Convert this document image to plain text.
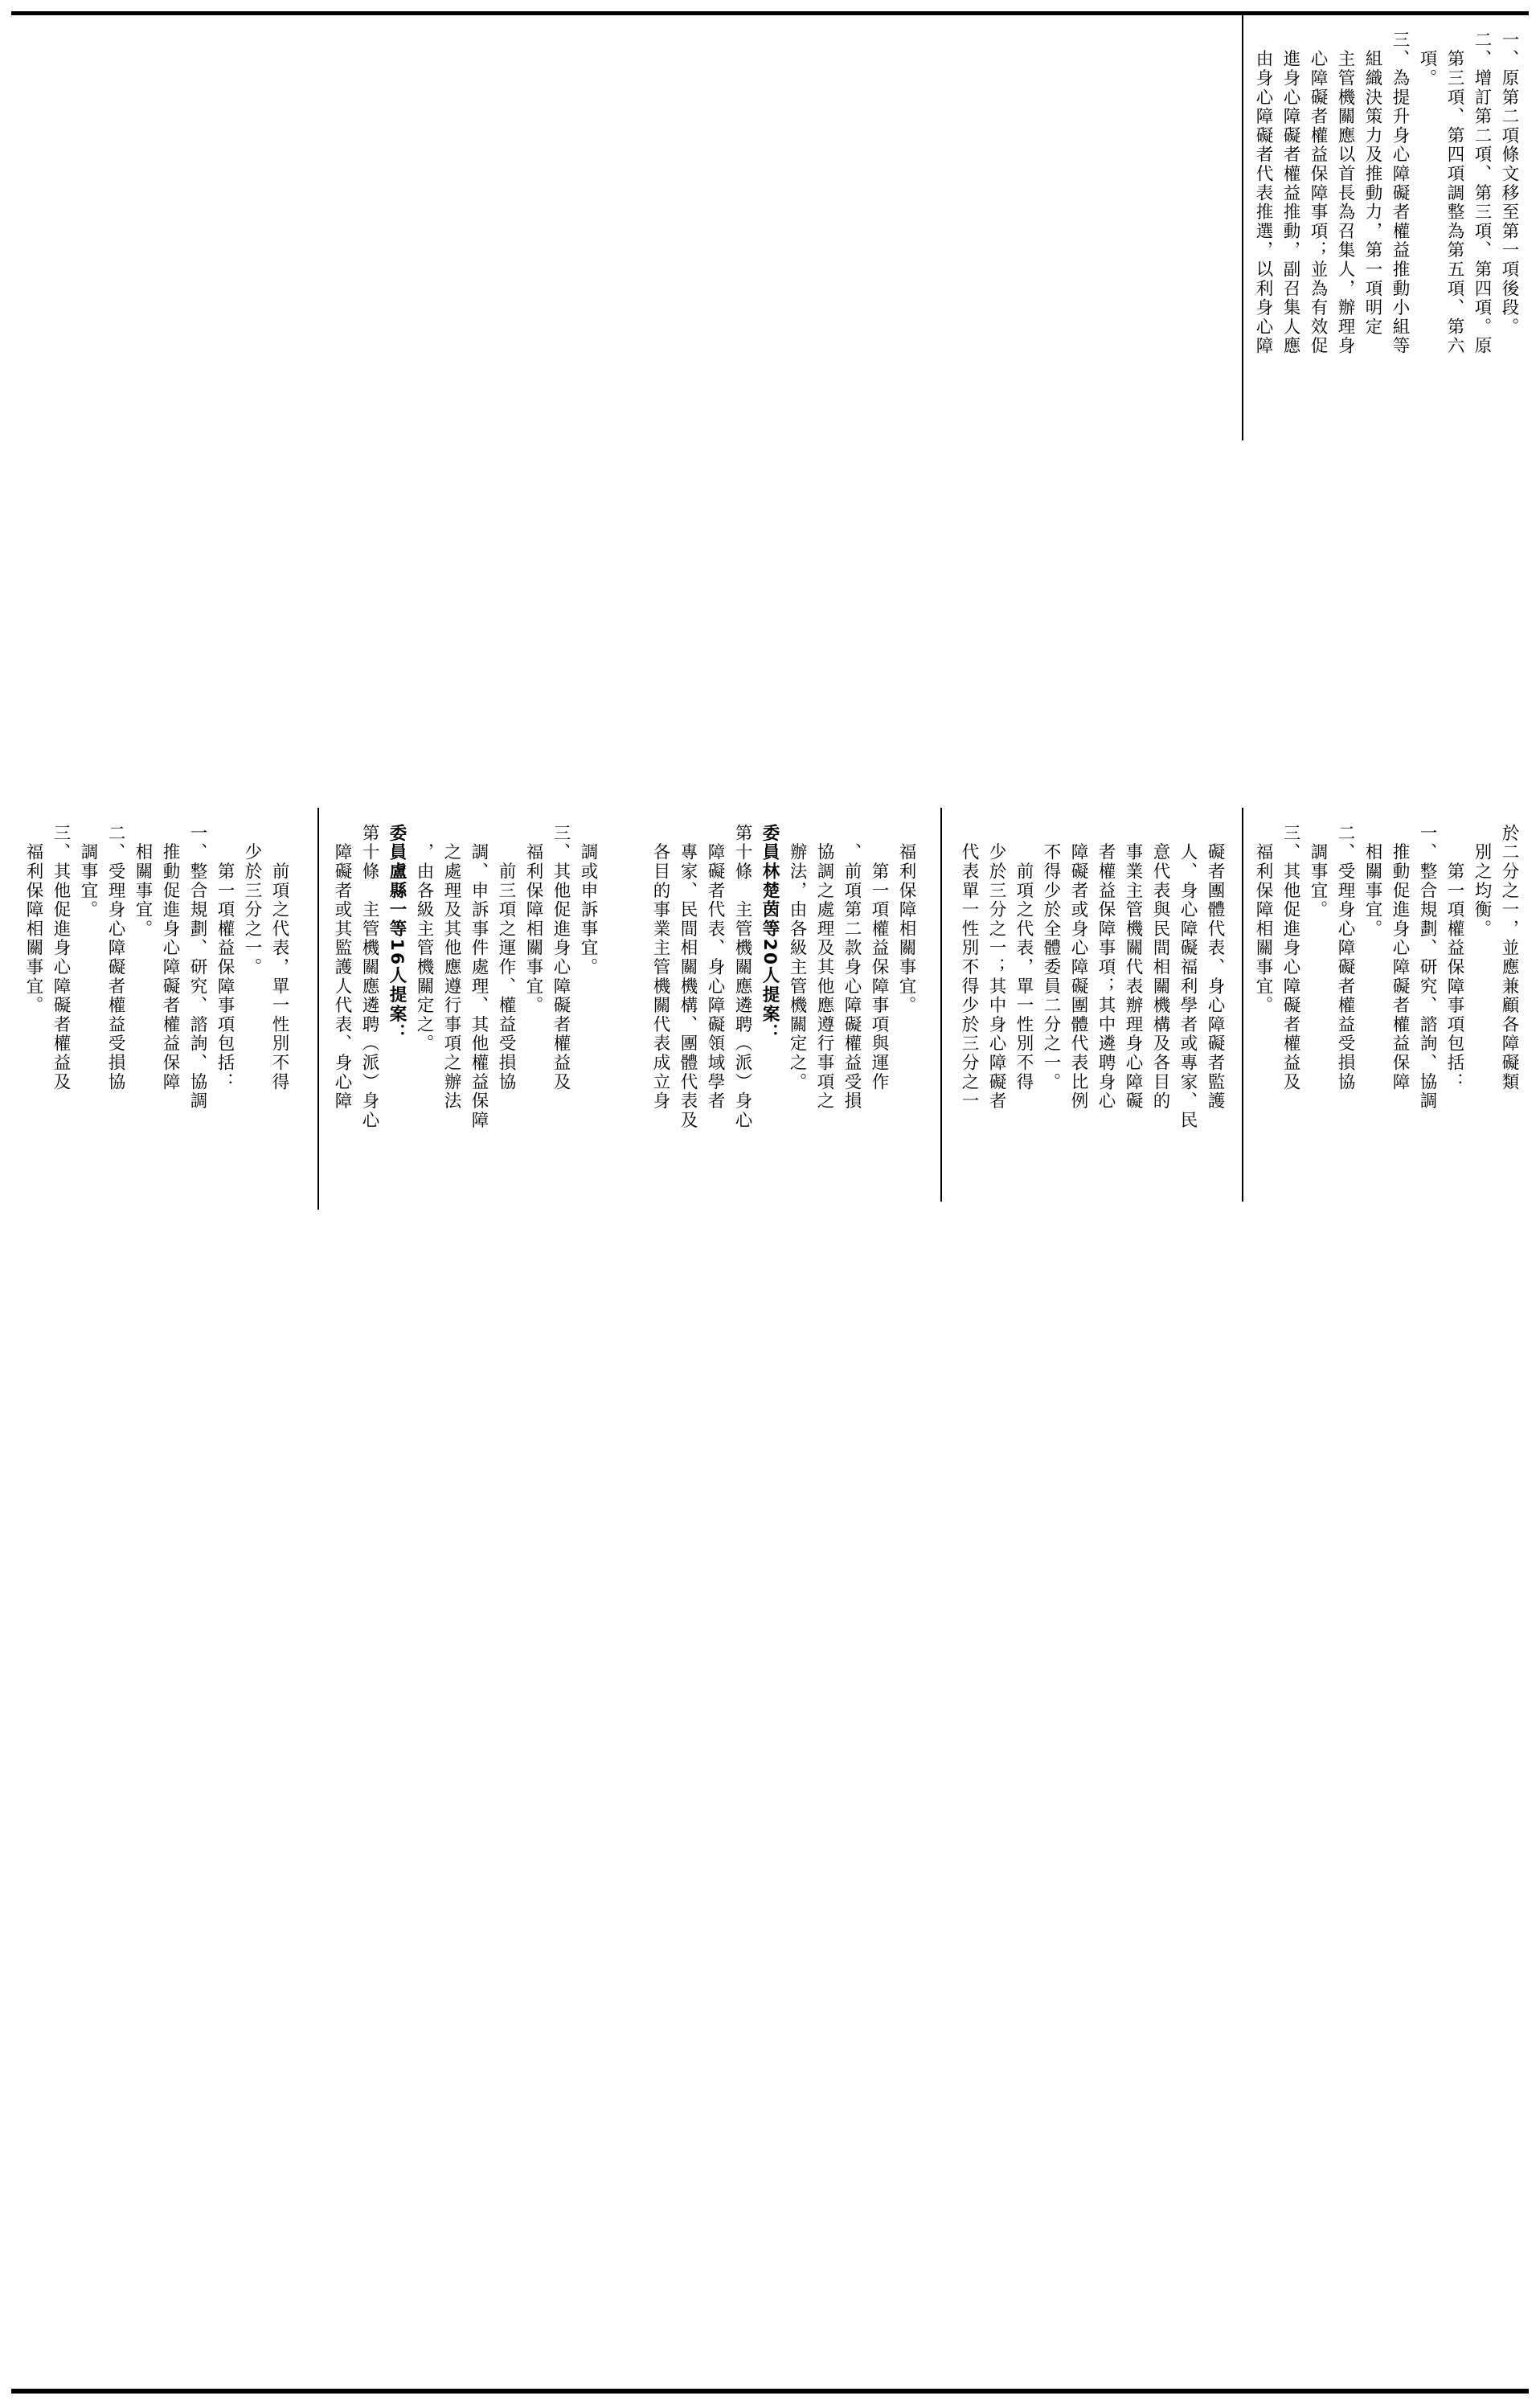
一、原第二項條文移至第一項後段。
二、增訂第二項、第三項、第四項。原
　第三項、第四項調整為第五項、第六
　項。
三、為提升身心障礙者權益推動小組等
　組織決策力及推動力，第一項明定
　主管機關應以首長為召集人，辦理身
　心障礙者權益保障事項；並為有效促
　進身心障礙者權益推動，副召集人應
　由身心障礙者代表推選，以利身心障
於二分之一，並應兼顧各障礙類
　別之均衡。
　　第一項權益保障事項包括：
一、整合規劃、研究、諮詢、協調
　推動促進身心障礙者權益保障
　相關事宜。
二、受理身心障礙者權益受損協
　調事宜。
三、其他促進身心障礙者權益及
　福利保障相關事宜。
　礙者團體代表、身心障礙者監護
　人、身心障礙福利學者或專家、民
　意代表與民間相關機構及各目的
　事業主管機關代表辦理身心障礙
　者權益保障事項；其中遴聘身心
　障礙者或身心障礙團體代表比例
　不得少於全體委員二分之一。
　　前項之代表，單一性別不得
　少於三分之一；其中身心障礙者
　代表單一性別不得少於三分之一
　福利保障相關事宜。
　　第一項權益保障事項與運作
　、前項第二款身心障礙權益受損
　協調之處理及其他應遵行事項之
　辦法，由各級主管機關定之。
委員林楚茵等20人提案：
第十條　主管機關應遴聘（派）身心
　障礙者代表、身心障礙領域學者
　專家、民間相關機構、團體代表及
　各目的事業主管機關代表成立身
　調或申訴事宜。
三、其他促進身心障礙者權益及
　福利保障相關事宜。
　　前三項之運作、權益受損協
　調、申訴事件處理、其他權益保障
　之處理及其他應遵行事項之辦法
　，由各級主管機關定之。
委員盧縣一等16人提案：
第十條　主管機關應遴聘（派）身心
　障礙者或其監護人代表、身心障
　　前項之代表，單一性別不得
　少於三分之一。
　　第一項權益保障事項包括：
一、整合規劃、研究、諮詢、協調
　推動促進身心障礙者權益保障
　相關事宜。
二、受理身心障礙者權益受損協
　調事宜。
三、其他促進身心障礙者權益及
　福利保障相關事宜。
